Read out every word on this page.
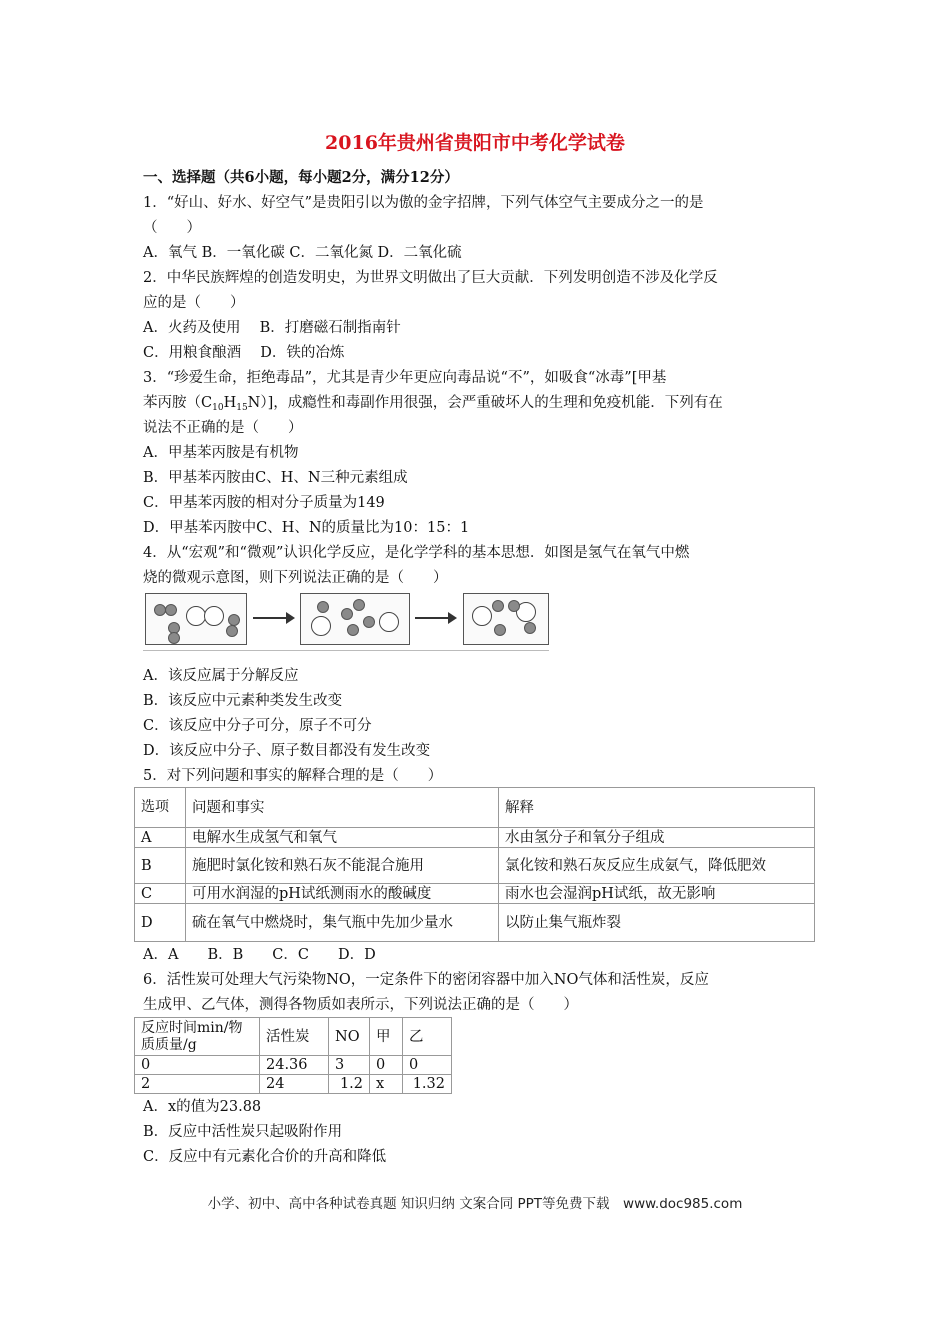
2016年贵州省贵阳市中考化学试卷
一、选择题（共6小题，每小题2分，满分12分）
1．“好山、好水、好空气”是贵阳引以为傲的金字招牌，下列气体空气主要成分之一的是
（　　）
A．氧气 B．一氧化碳 C．二氧化氮 D．二氧化硫
2．中华民族辉煌的创造发明史，为世界文明做出了巨大贡献．下列发明创造不涉及化学反
应的是（　　）
A．火药及使用　 B．打磨磁石制指南针
C．用粮食酿酒　 D．铁的冶炼
3．“珍爱生命，拒绝毒品”，尤其是青少年更应向毒品说“不”，如吸食“冰毒”[甲基
苯丙胺$(C_{10}H_{15}N)$]，成瘾性和毒副作用很强，会严重破坏人的生理和免疫机能．下列有在
说法不正确的是（　　）
A．甲基苯丙胺是有机物
B．甲基苯丙胺由C、H、N三种元素组成
C．甲基苯丙胺的相对分子质量为149
D．甲基苯丙胺中C、H、N的质量比为10：15：1
4．从“宏观”和“微观”认识化学反应，是化学学科的基本思想．如图是氢气在氧气中燃
烧的微观示意图，则下列说法正确的是（　　）
A．该反应属于分解反应
B．该反应中元素种类发生改变
C．该反应中分子可分，原子不可分
D．该反应中分子、原子数目都没有发生改变
5．对下列问题和事实的解释合理的是（　　）
选项	问题和事实	解释
A	电解水生成氢气和氧气	水由氢分子和氧分子组成
B	施肥时氯化铵和熟石灰不能混合施用	氯化铵和熟石灰反应生成氨气，降低肥效
C	可用水润湿的pH试纸测雨水的酸碱度	雨水也会湿润pH试纸，故无影响
D	硫在氧气中燃烧时，集气瓶中先加少量水	以防止集气瓶炸裂
A．A　　B．B　　C．C　　D．D
6．活性炭可处理大气污染物NO，一定条件下的密闭容器中加入NO气体和活性炭，反应
生成甲、乙气体，测得各物质如表所示，下列说法正确的是（　　）
反应时间min/物质质量/g	活性炭	NO	甲	乙
0	24.36	3	0	0
2	24	1.2	x	1.32
A．x的值为23.88
B．反应中活性炭只起吸附作用
C．反应中有元素化合价的升高和降低
小学、初中、高中各种试卷真题 知识归纳 文案合同 PPT等免费下载　www.doc985.com
